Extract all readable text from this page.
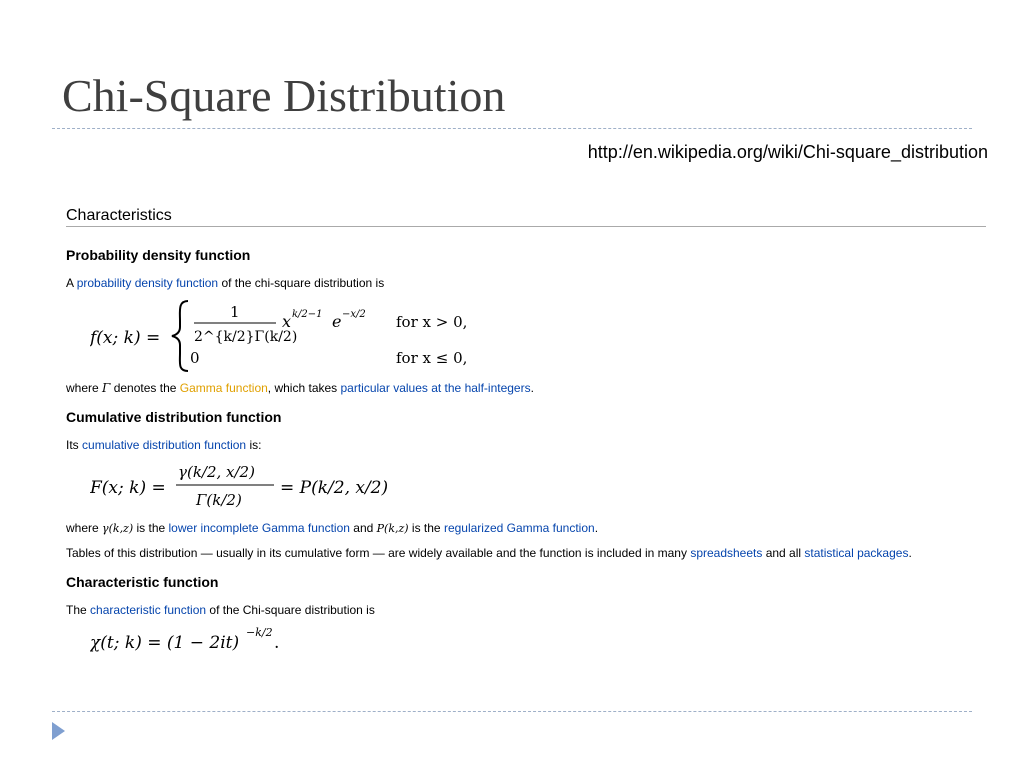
Chi-Square Distribution
http://en.wikipedia.org/wiki/Chi-square_distribution
Characteristics
Probability density function
A probability density function of the chi-square distribution is
f(x; k) =
1
2^{k/2}Γ(k/2)
x k/2−1 e −x/2 for x > 0,
0	for x ≤ 0,
where Γ denotes the Gamma function, which takes particular values at the half-integers.
Cumulative distribution function
Its cumulative distribution function is:
F(x; k) =
γ(k/2, x/2)
Γ(k/2)
= P(k/2, x/2)
where γ(k,z) is the lower incomplete Gamma function and P(k,z) is the regularized Gamma function.
Tables of this distribution — usually in its cumulative form — are widely available and the function is included in many spreadsheets and all statistical packages.
Characteristic function
The characteristic function of the Chi-square distribution is
χ(t; k) = (1 − 2it)
−k/2
.
